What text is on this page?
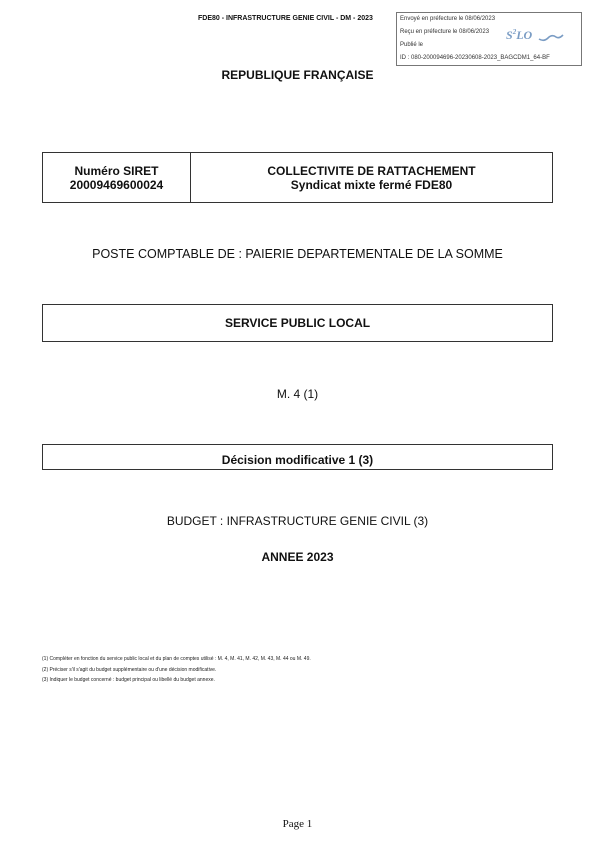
FDE80 - INFRASTRUCTURE GENIE CIVIL - DM - 2023	Envoyé en préfecture le 08/06/2023
Reçu en préfecture le 08/06/2023
Publié le
ID : 080-200094696-20230608-2023_BAGCDM1_64-BF
$S^2LO$
REPUBLIQUE FRANÇAISE
Numéro SIRET
20009469600024
COLLECTIVITE DE RATTACHEMENT
Syndicat mixte fermé FDE80
POSTE COMPTABLE DE : PAIERIE DEPARTEMENTALE DE LA SOMME
SERVICE PUBLIC LOCAL
M. 4 (1)
Décision modificative 1 (3)
BUDGET : INFRASTRUCTURE GENIE CIVIL (3)
ANNEE 2023
(1) Compléter en fonction du service public local et du plan de comptes utilisé : M. 4, M. 41, M. 42, M. 43, M. 44 ou M. 49.
(2) Préciser s'il s'agit du budget supplémentaire ou d'une décision modificative.
(3) Indiquer le budget concerné : budget principal ou libellé du budget annexe.
Page 1
